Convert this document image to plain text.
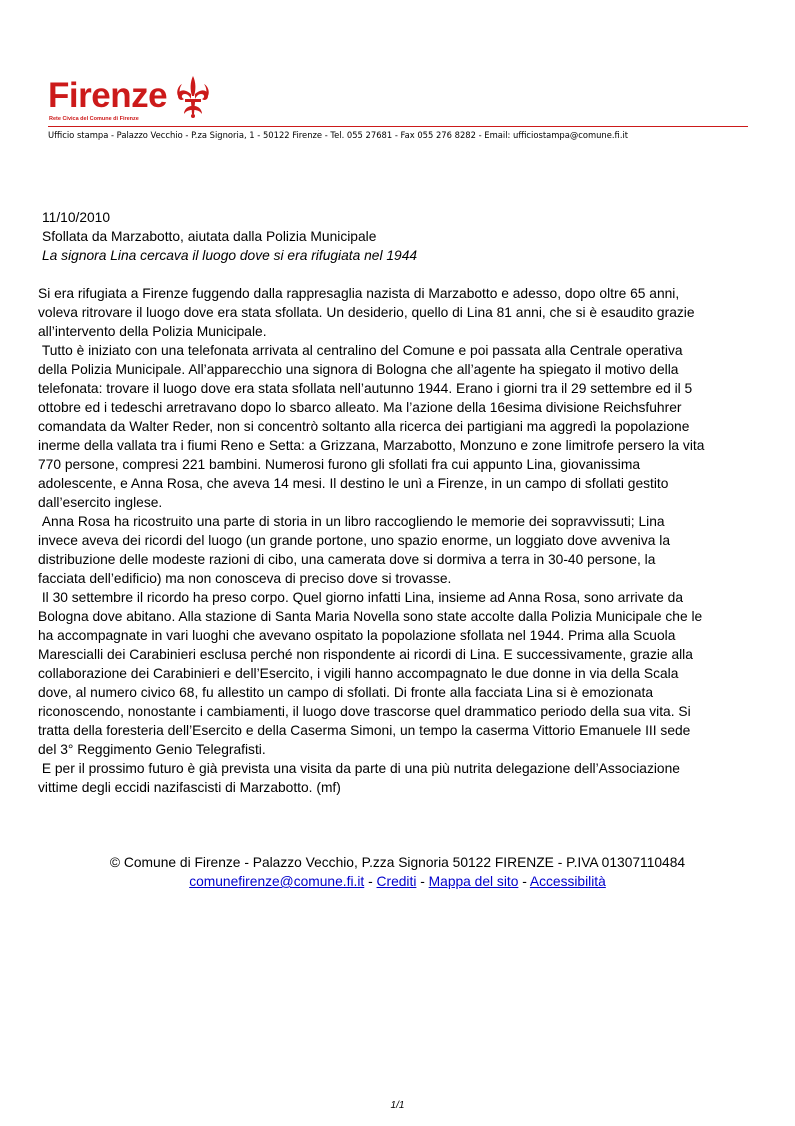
Firenze
Rete Civica del Comune di Firenze
Ufficio stampa - Palazzo Vecchio - P.za Signoria, 1 - 50122 Firenze - Tel. 055 27681 - Fax 055 276 8282 - Email: ufficiostampa@comune.fi.it

11/10/2010

Sfollata da Marzabotto, aiutata dalla Polizia Municipale

La signora Lina cercava il luogo dove si era rifugiata nel 1944

Si era rifugiata a Firenze fuggendo dalla rappresaglia nazista di Marzabotto e adesso, dopo oltre 65 anni,
voleva ritrovare il luogo dove era stata sfollata. Un desiderio, quello di Lina 81 anni, che si è esaudito grazie
all’intervento della Polizia Municipale.

Tutto è iniziato con una telefonata arrivata al centralino del Comune e poi passata alla Centrale operativa
della Polizia Municipale. All’apparecchio una signora di Bologna che all’agente ha spiegato il motivo della
telefonata: trovare il luogo dove era stata sfollata nell’autunno 1944. Erano i giorni tra il 29 settembre ed il 5
ottobre ed i tedeschi arretravano dopo lo sbarco alleato. Ma l’azione della 16esima divisione Reichsfuhrer
comandata da Walter Reder, non si concentrò soltanto alla ricerca dei partigiani ma aggredì la popolazione
inerme della vallata tra i fiumi Reno e Setta: a Grizzana, Marzabotto, Monzuno e zone limitrofe persero la vita
770 persone, compresi 221 bambini. Numerosi furono gli sfollati fra cui appunto Lina, giovanissima
adolescente, e Anna Rosa, che aveva 14 mesi. Il destino le unì a Firenze, in un campo di sfollati gestito
dall’esercito inglese.

Anna Rosa ha ricostruito una parte di storia in un libro raccogliendo le memorie dei sopravvissuti; Lina
invece aveva dei ricordi del luogo (un grande portone, uno spazio enorme, un loggiato dove avveniva la
distribuzione delle modeste razioni di cibo, una camerata dove si dormiva a terra in 30-40 persone, la
facciata dell’edificio) ma non conosceva di preciso dove si trovasse.

Il 30 settembre il ricordo ha preso corpo. Quel giorno infatti Lina, insieme ad Anna Rosa, sono arrivate da
Bologna dove abitano. Alla stazione di Santa Maria Novella sono state accolte dalla Polizia Municipale che le
ha accompagnate in vari luoghi che avevano ospitato la popolazione sfollata nel 1944. Prima alla Scuola
Marescialli dei Carabinieri esclusa perché non rispondente ai ricordi di Lina. E successivamente, grazie alla
collaborazione dei Carabinieri e dell’Esercito, i vigili hanno accompagnato le due donne in via della Scala
dove, al numero civico 68, fu allestito un campo di sfollati. Di fronte alla facciata Lina si è emozionata
riconoscendo, nonostante i cambiamenti, il luogo dove trascorse quel drammatico periodo della sua vita. Si
tratta della foresteria dell’Esercito e della Caserma Simoni, un tempo la caserma Vittorio Emanuele III sede
del 3° Reggimento Genio Telegrafisti.

E per il prossimo futuro è già prevista una visita da parte di una più nutrita delegazione dell’Associazione
vittime degli eccidi nazifascisti di Marzabotto. (mf)

© Comune di Firenze - Palazzo Vecchio, P.zza Signoria 50122 FIRENZE - P.IVA 01307110484
comunefirenze@comune.fi.it - Crediti - Mappa del sito - Accessibilità
1/1
